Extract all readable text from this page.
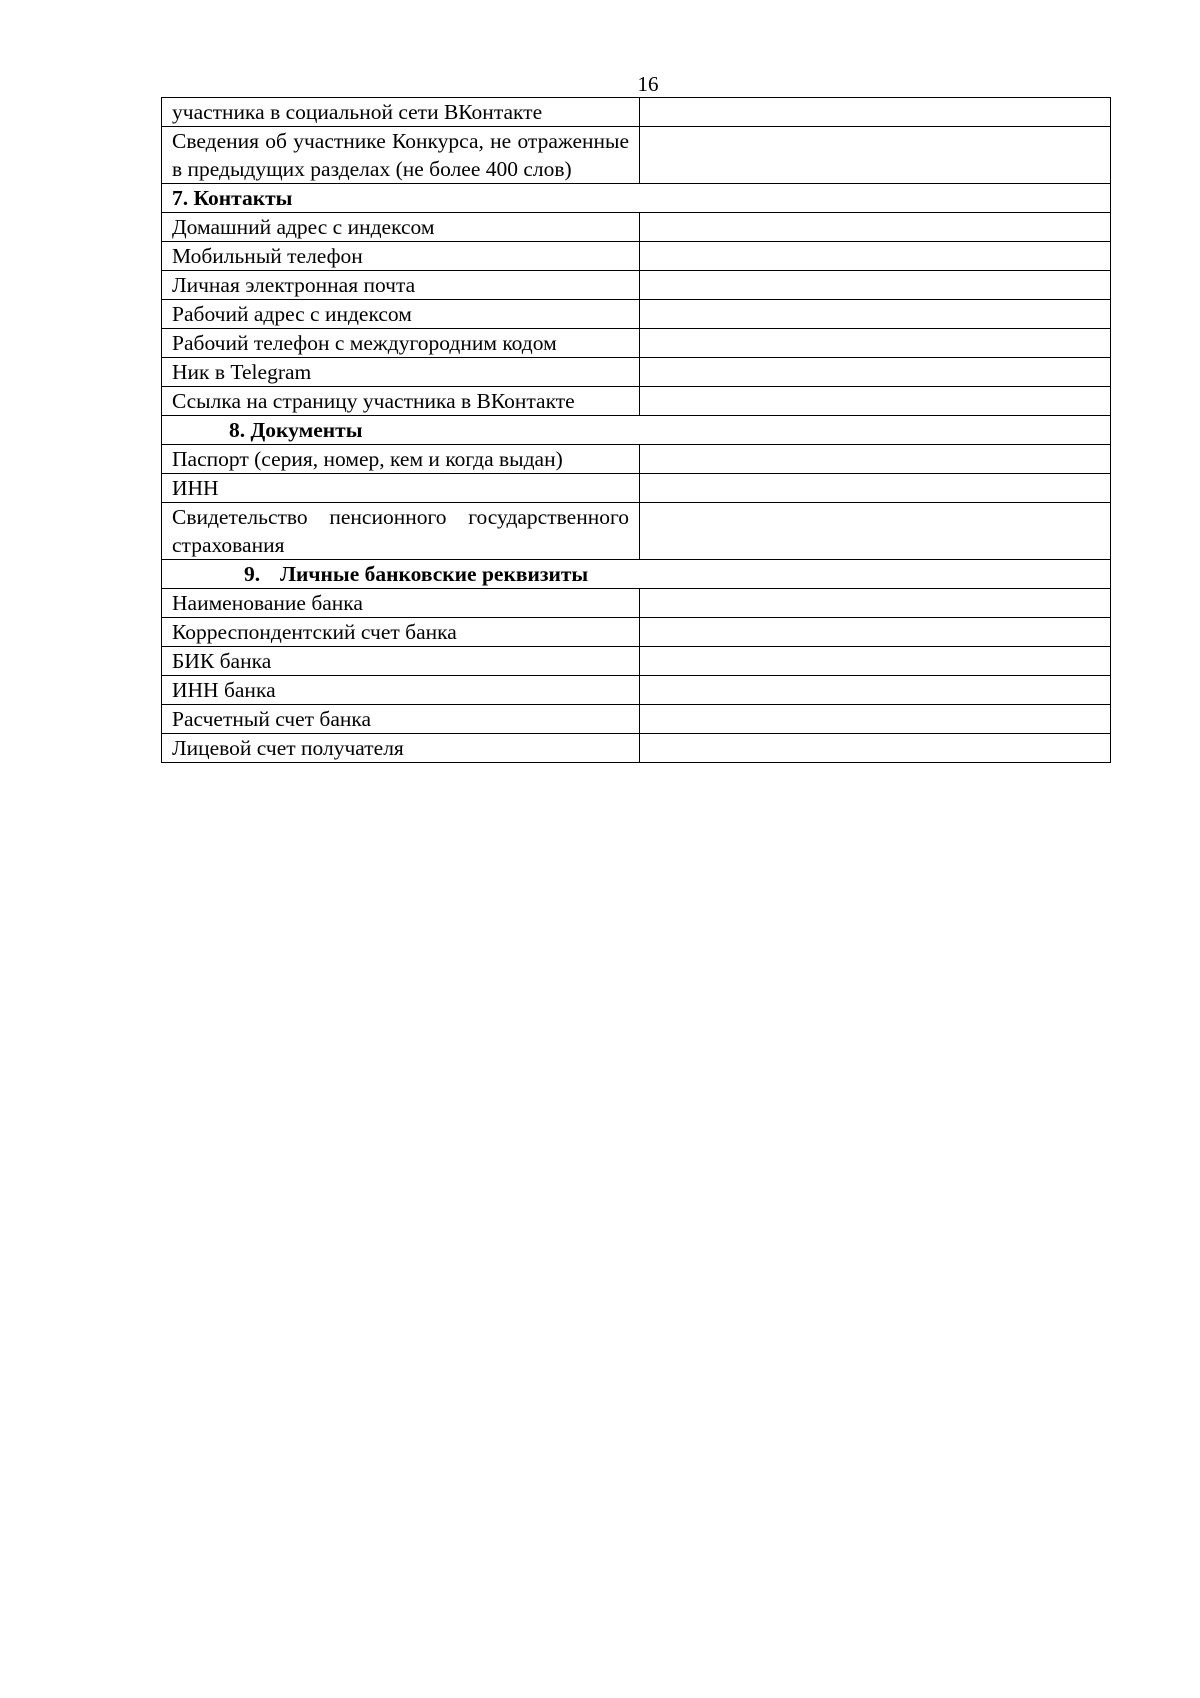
16
участника в социальной сети ВКонтакте	
Сведения об участнике Конкурса, не отраженные в предыдущих разделах (не более 400 слов)	
7. Контакты	
Домашний адрес с индексом	
Мобильный телефон	
Личная электронная почта	
Рабочий адрес с индексом	
Рабочий телефон с междугородним кодом	
Ник в Telegram	
Ссылка на страницу участника в ВКонтакте	
8. Документы	
Паспорт (серия, номер, кем и когда выдан)	
ИНН	
Свидетельство пенсионного государственного страхования	
9. Личные банковские реквизиты	
Наименование банка	
Корреспондентский счет банка	
БИК банка	
ИНН банка	
Расчетный счет банка	
Лицевой счет получателя	
